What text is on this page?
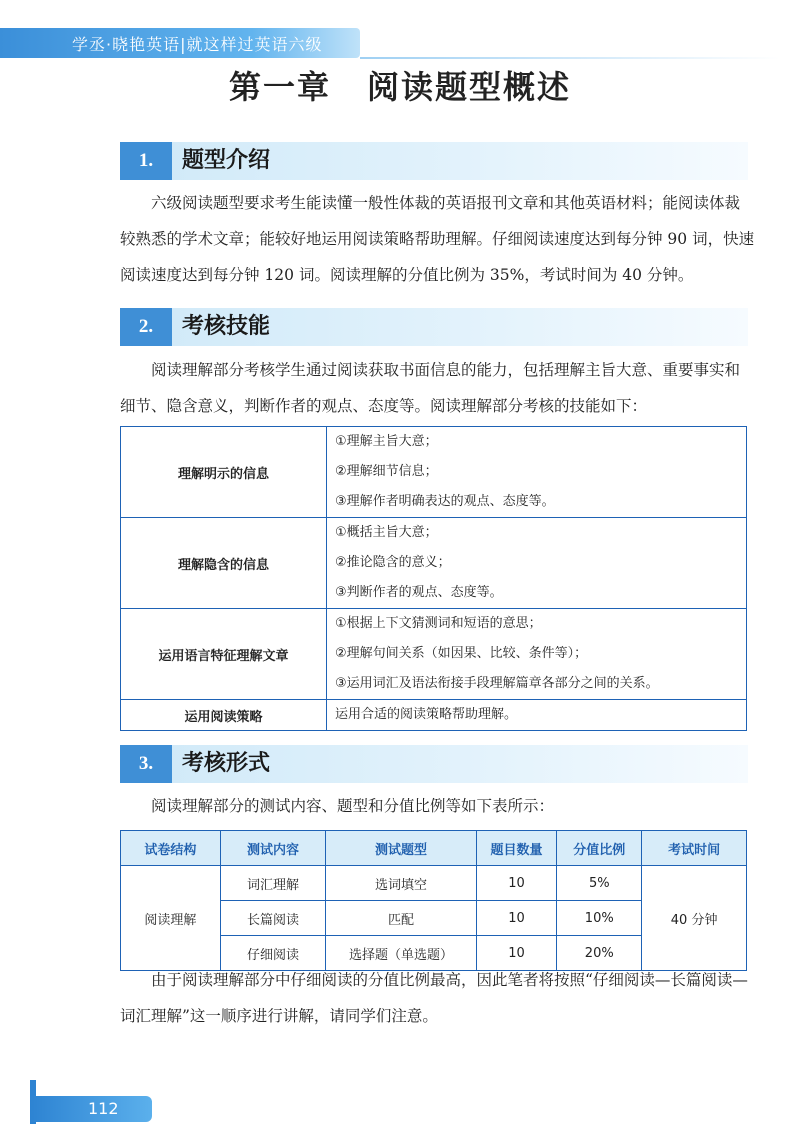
学丞·晓艳英语|就这样过英语六级
第一章 阅读题型概述
1.	题型介绍

六级阅读题型要求考生能读懂一般性体裁的英语报刊文章和其他英语材料；能阅读体裁
较熟悉的学术文章；能较好地运用阅读策略帮助理解。仔细阅读速度达到每分钟 90 词，快速
阅读速度达到每分钟 120 词。阅读理解的分值比例为 35%，考试时间为 40 分钟。

2.	考核技能

阅读理解部分考核学生通过阅读获取书面信息的能力，包括理解主旨大意、重要事实和
细节、隐含意义，判断作者的观点、态度等。阅读理解部分考核的技能如下：

理解明示的信息	①理解主旨大意；
②理解细节信息；
③理解作者明确表达的观点、态度等。

理解隐含的信息	①概括主旨大意；
②推论隐含的意义；
③判断作者的观点、态度等。

运用语言特征理解文章	①根据上下文猜测词和短语的意思；
②理解句间关系（如因果、比较、条件等）；
③运用词汇及语法衔接手段理解篇章各部分之间的关系。

运用阅读策略	运用合适的阅读策略帮助理解。
3.	考核形式

阅读理解部分的测试内容、题型和分值比例等如下表所示：

试卷结构	测试内容	测试题型	题目数量	分值比例	考试时间
阅读理解	词汇理解	选词填空	10	5%	40 分钟
	长篇阅读	匹配	10	10%	
	仔细阅读	选择题（单选题）	10	20%	

由于阅读理解部分中仔细阅读的分值比例最高，因此笔者将按照“仔细阅读—长篇阅读—
词汇理解”这一顺序进行讲解，请同学们注意。

112
